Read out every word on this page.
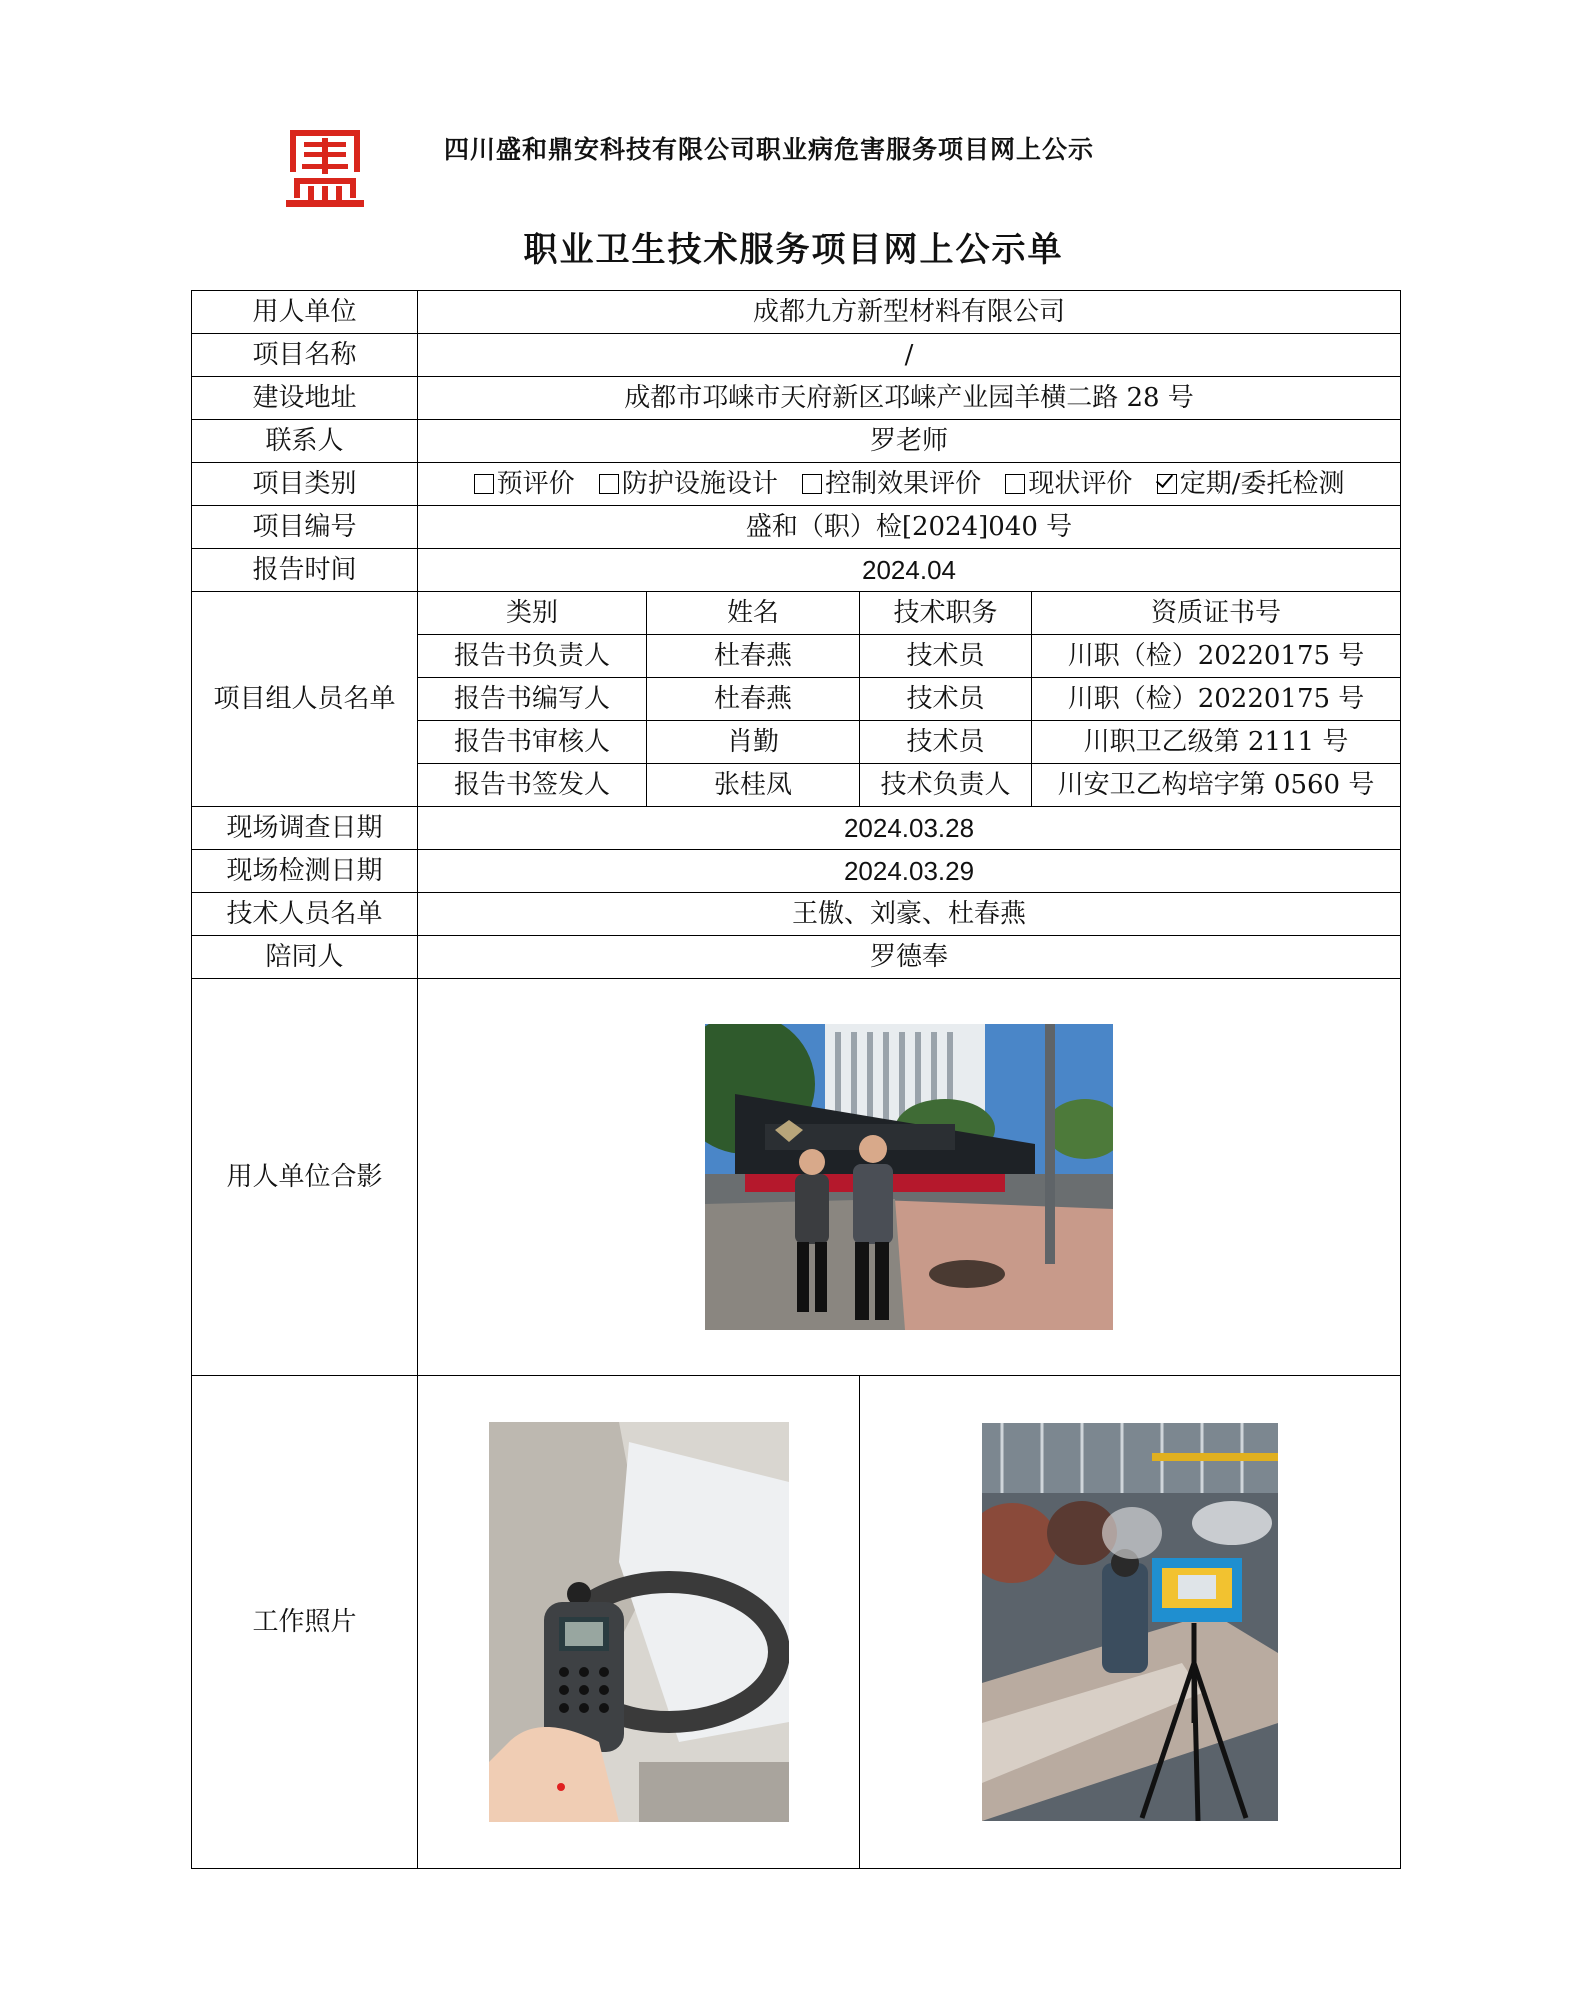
四川盛和鼎安科技有限公司职业病危害服务项目网上公示
职业卫生技术服务项目网上公示单
用人单位	成都九方新型材料有限公司			
项目名称	/			
建设地址	成都市邛崃市天府新区邛崃产业园羊横二路 28 号			
联系人	罗老师			
项目类别	预评价 防护设施设计 控制效果评价 现状评价 定期/委托检测			
项目编号	盛和（职）检[2024]040 号			
报告时间	2024.04			
项目组人员名单	类别	姓名	技术职务	资质证书号
	报告书负责人	杜春燕	技术员	川职（检）20220175 号
	报告书编写人	杜春燕	技术员	川职（检）20220175 号
	报告书审核人	肖勤	技术员	川职卫乙级第 2111 号
	报告书签发人	张桂凤	技术负责人	川安卫乙构培字第 0560 号
现场调查日期	2024.03.28			
现场检测日期	2024.03.29			
技术人员名单	王傲、刘豪、杜春燕			
陪同人	罗德奉			
用人单位合影	

工作照片	
